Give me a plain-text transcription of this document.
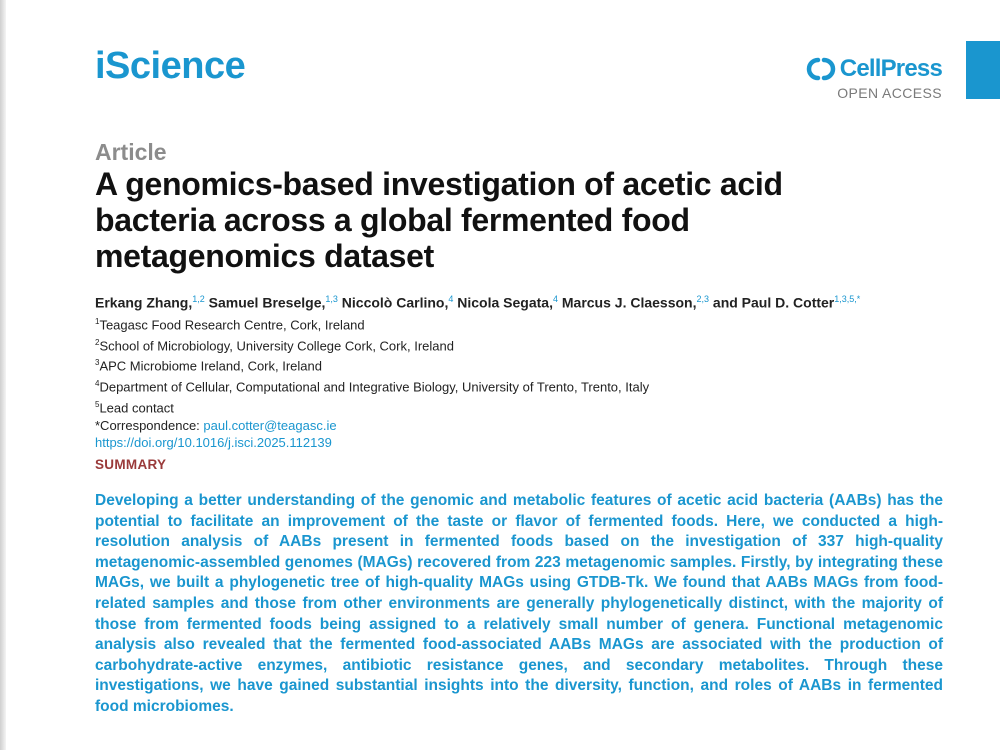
iScience	CellPress
OPEN ACCESS
Article
A genomics-based investigation of acetic acid bacteria across a global fermented food metagenomics dataset
Erkang Zhang,$^{1,2}$ Samuel Breselge,$^{1,3}$ Niccolò Carlino,$^4$ Nicola Segata,$^4$ Marcus J. Claesson,$^{2,3}$ and Paul D. Cotter$^{1,3,5,*}$
$^1$Teagasc Food Research Centre, Cork, Ireland
$^2$School of Microbiology, University College Cork, Cork, Ireland
$^3$APC Microbiome Ireland, Cork, Ireland
$^4$Department of Cellular, Computational and Integrative Biology, University of Trento, Trento, Italy
$^5$Lead contact
*Correspondence: paul.cotter@teagasc.ie
https://doi.org/10.1016/j.isci.2025.112139
SUMMARY
Developing a better understanding of the genomic and metabolic features of acetic acid bacteria (AABs) has the potential to facilitate an improvement of the taste or flavor of fermented foods. Here, we conducted a high-resolution analysis of AABs present in fermented foods based on the investigation of 337 high-quality metagenomic-assembled genomes (MAGs) recovered from 223 metagenomic samples. Firstly, by integrating these MAGs, we built a phylogenetic tree of high-quality MAGs using GTDB-Tk. We found that AABs MAGs from food-related samples and those from other environments are generally phylogenetically distinct, with the majority of those from fermented foods being assigned to a relatively small number of genera. Functional metagenomic analysis also revealed that the fermented food-associated AABs MAGs are associated with the production of carbohydrate-active enzymes, antibiotic resistance genes, and secondary metabolites. Through these investigations, we have gained substantial insights into the diversity, function, and roles of AABs in fermented food microbiomes.
